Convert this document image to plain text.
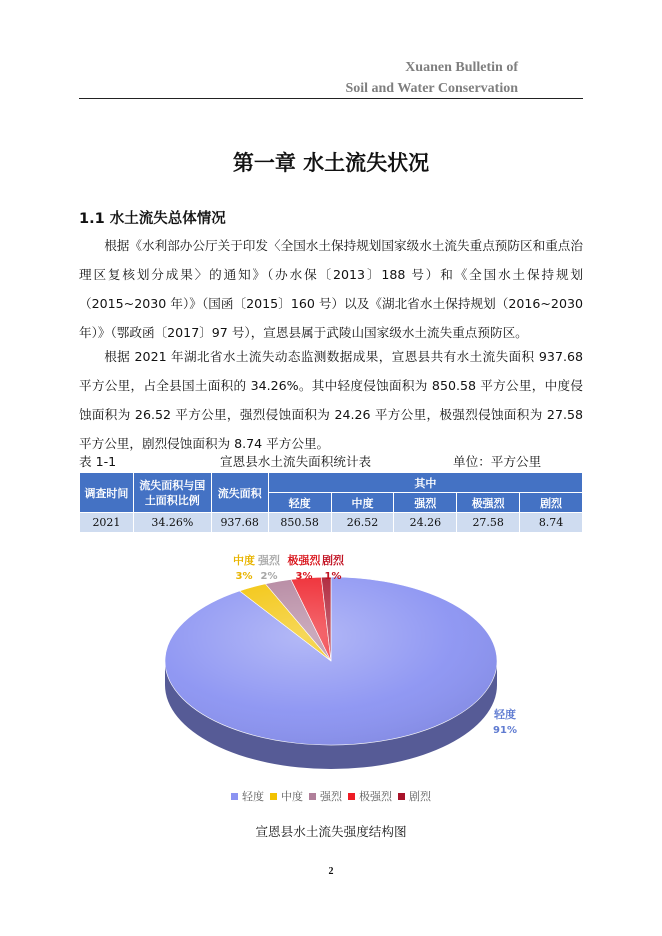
Xuanen Bulletin of
Soil and Water Conservation
第一章 水土流失状况
1.1 水土流失总体情况
根据《水利部办公厅关于印发〈全国水土保持规划国家级水土流失重点预防区和重点治理区复核划分成果〉的通知》（办水保〔2013〕188 号）和《全国水土保持规划（2015~2030 年）》（国函〔2015〕160 号）以及《湖北省水土保持规划（2016~2030年）》（鄂政函〔2017〕97 号），宣恩县属于武陵山国家级水土流失重点预防区。
根据 2021 年湖北省水土流失动态监测数据成果，宣恩县共有水土流失面积 937.68 平方公里，占全县国土面积的 34.26%。其中轻度侵蚀面积为 850.58 平方公里，中度侵蚀面积为 26.52 平方公里，强烈侵蚀面积为 24.26 平方公里，极强烈侵蚀面积为 27.58 平方公里，剧烈侵蚀面积为 8.74 平方公里。
表 1-1	宣恩县水土流失面积统计表	单位：平方公里
调查时间	流失面积与国土面积比例	流失面积	其中				
			轻度	中度	强烈	极强烈	剧烈
2021	34.26%	937.68	850.58	26.52	24.26	27.58	8.74
轻度
91%
中度
3%
强烈
2%
极强烈
3%
剧烈
1%
轻度 中度 强烈 极强烈 剧烈
宣恩县水土流失强度结构图
2
